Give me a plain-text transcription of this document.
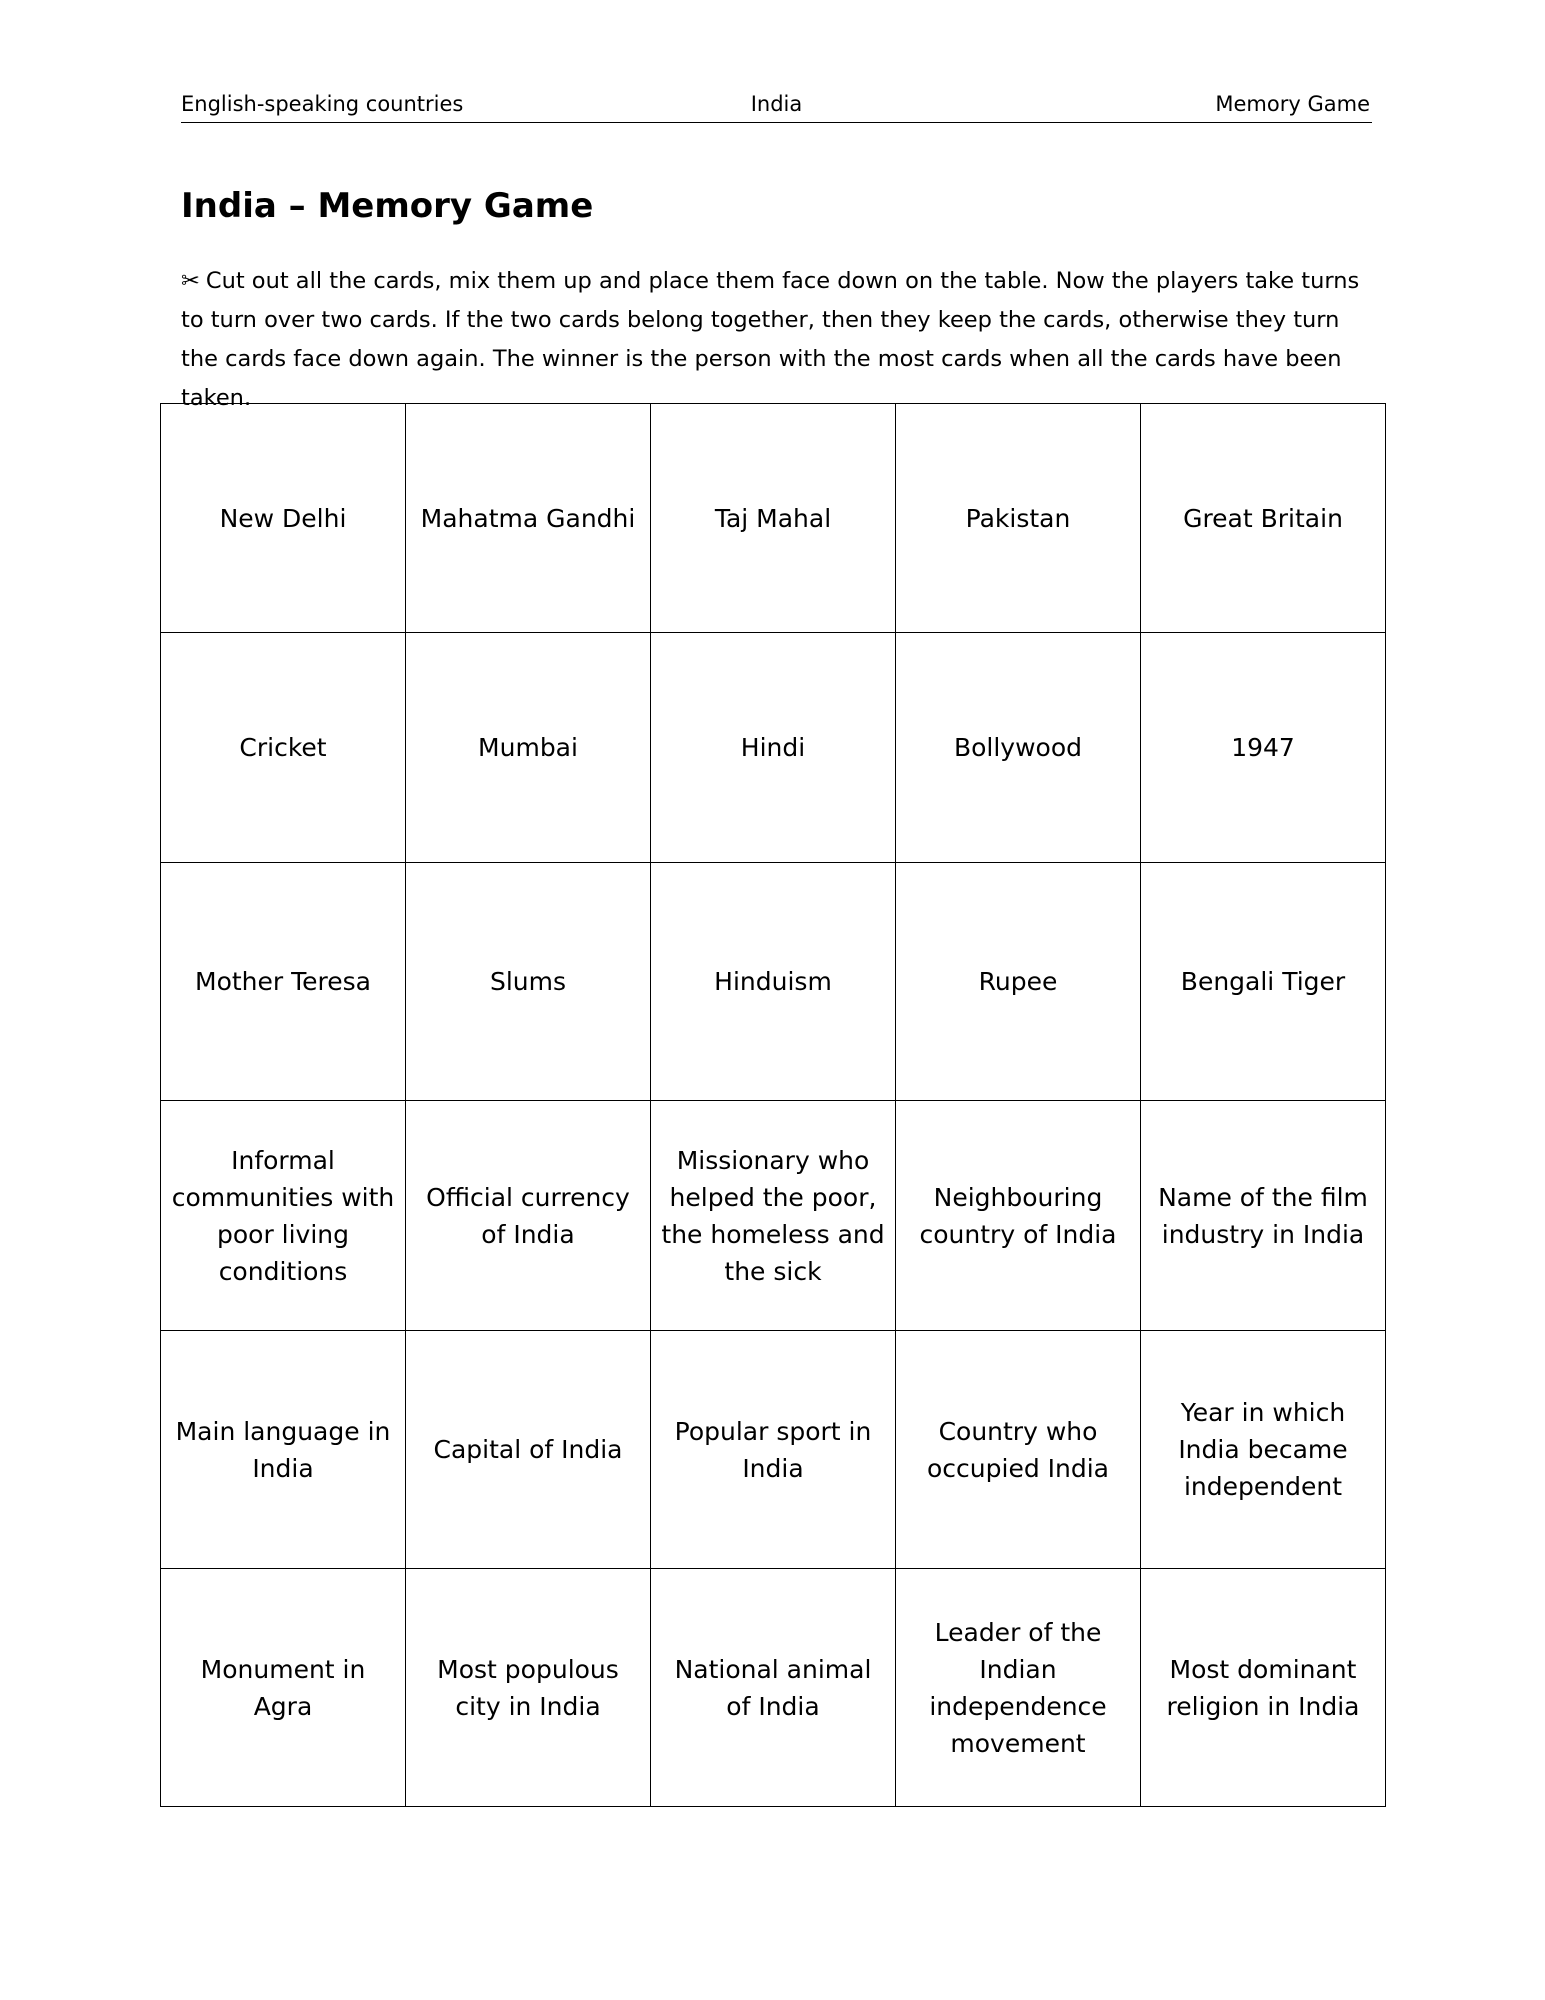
English-speaking countries	India	Memory Game
India – Memory Game

✂ Cut out all the cards, mix them up and place them face down on the table. Now the players take turns to turn over two cards. If the two cards belong together, then they keep the cards, otherwise they turn the cards face down again. The winner is the person with the most cards when all the cards have been taken.

New Delhi	Mahatma Gandhi	Taj Mahal	Pakistan	Great Britain
Cricket	Mumbai	Hindi	Bollywood	1947
Mother Teresa	Slums	Hinduism	Rupee	Bengali Tiger
Informal communities with poor living conditions	Official currency of India	Missionary who helped the poor, the homeless and the sick	Neighbouring country of India	Name of the film industry in India
Main language in India	Capital of India	Popular sport in India	Country who occupied India	Year in which India became independent
Monument in Agra	Most populous city in India	National animal of India	Leader of the Indian independence movement	Most dominant religion in India
